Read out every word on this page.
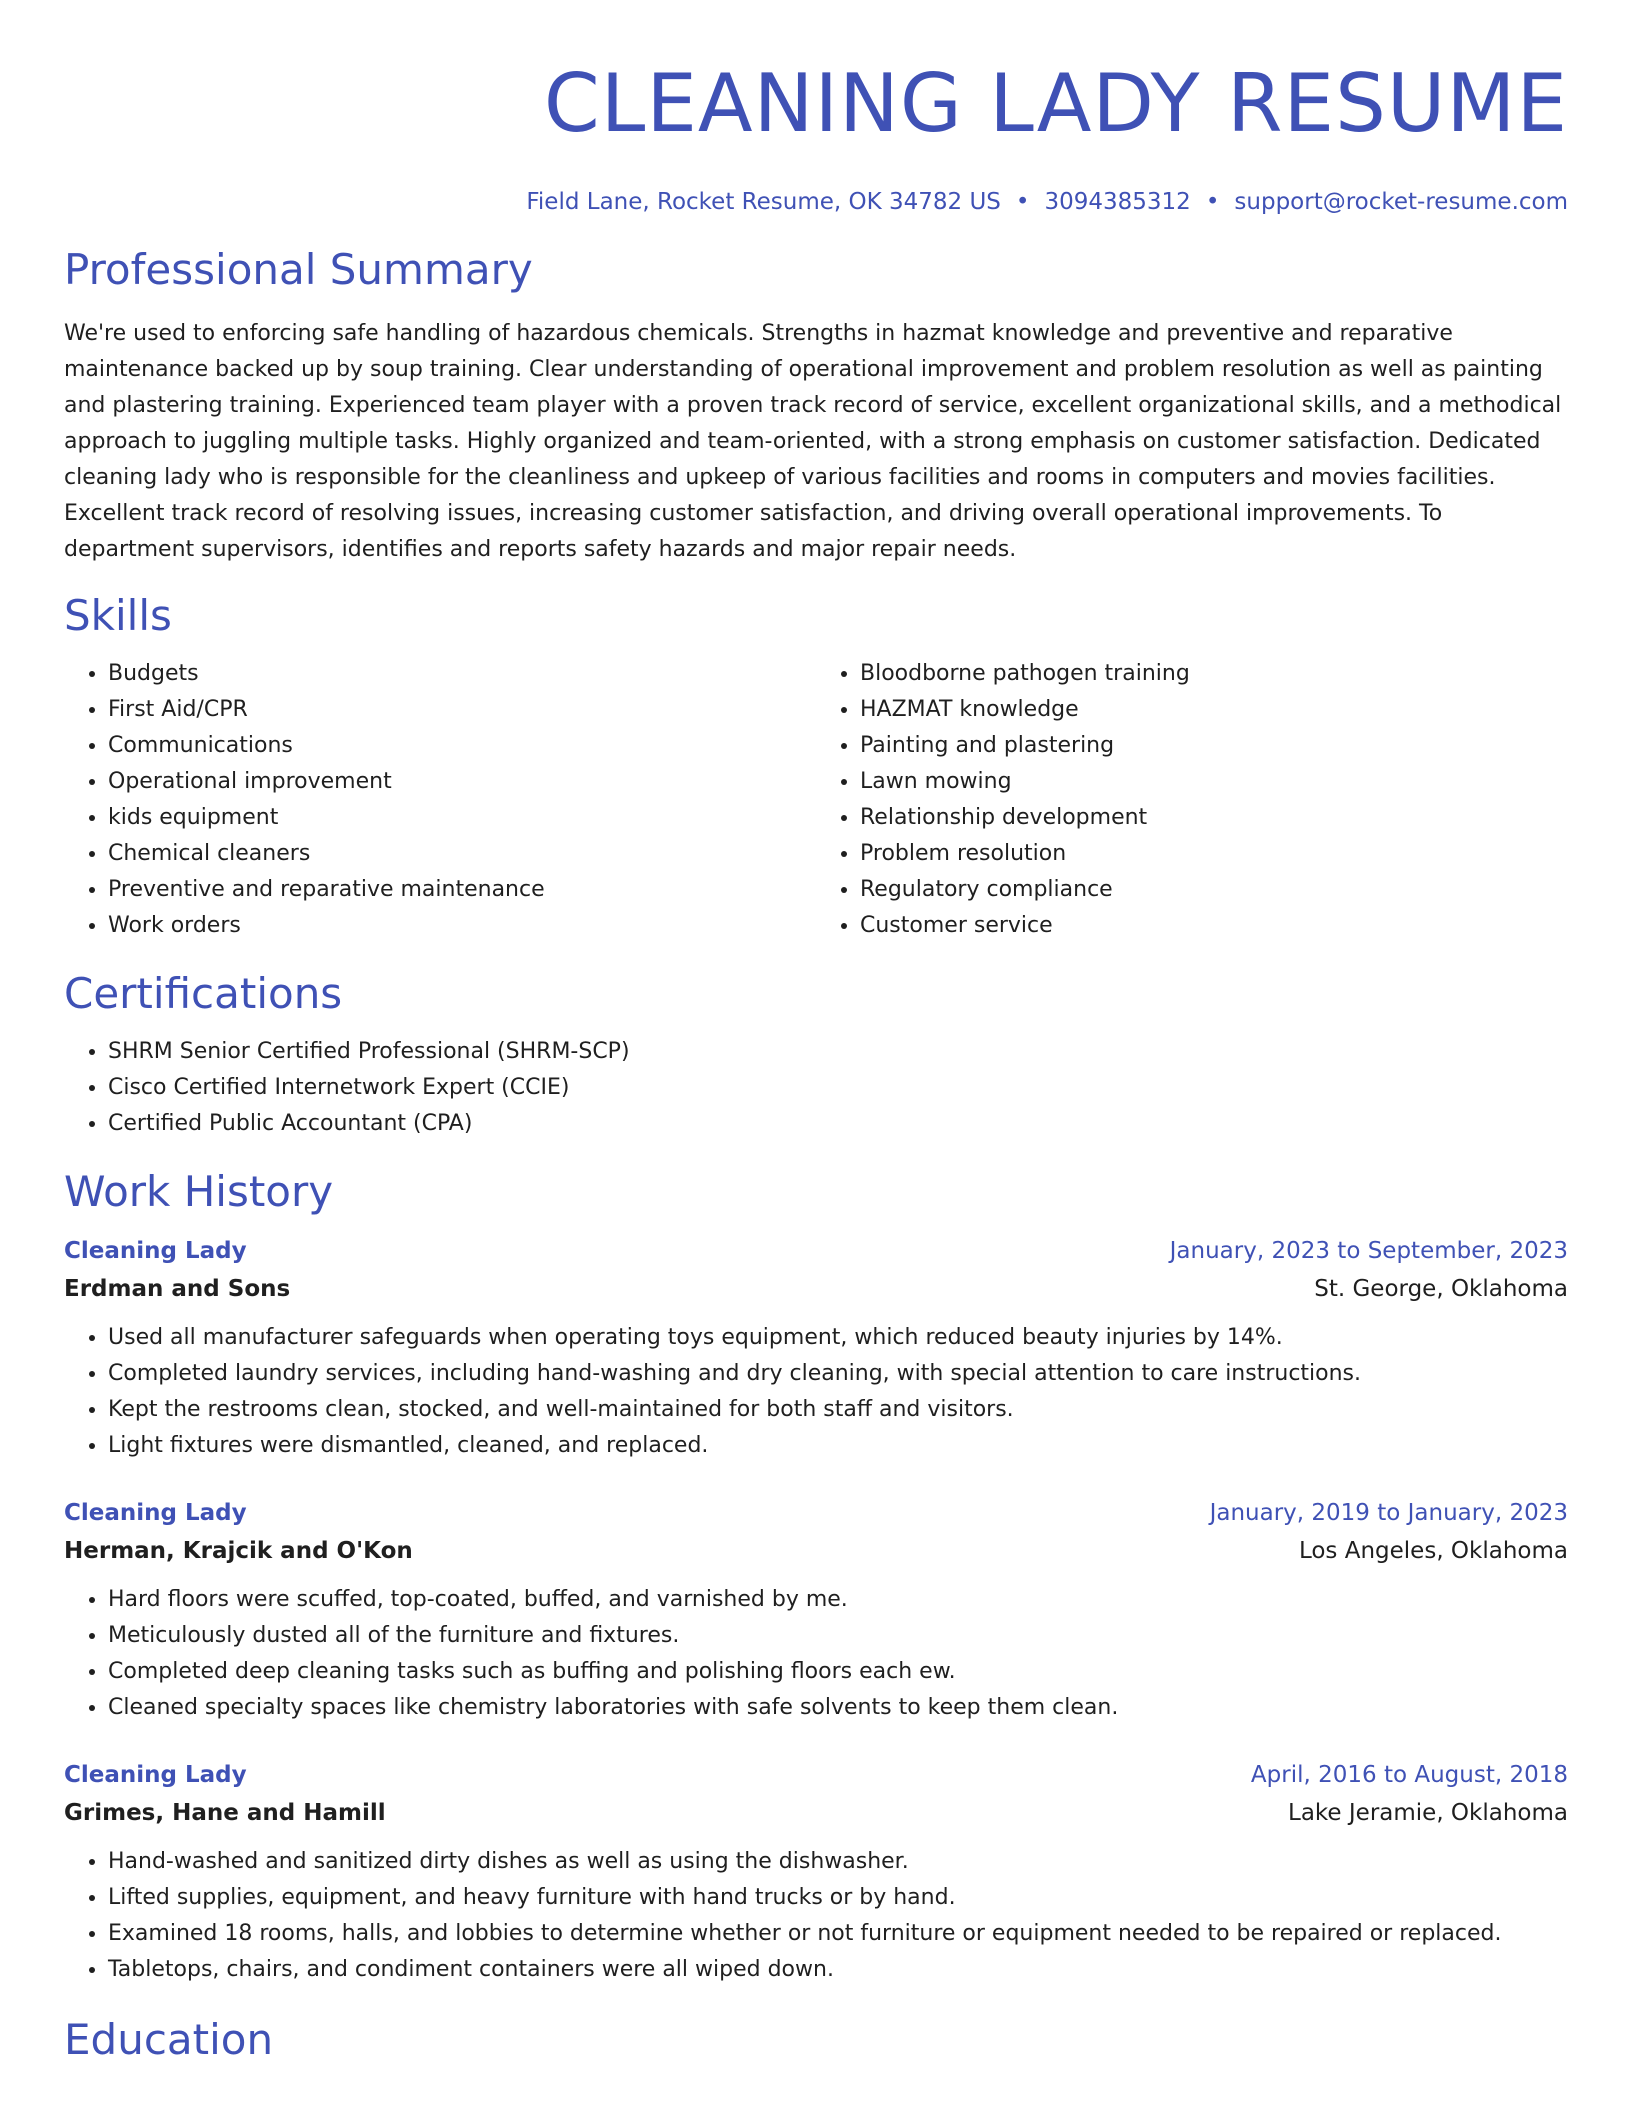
CLEANING LADY RESUME
Field Lane, Rocket Resume, OK 34782 US • 3094385312 • support@rocket-resume.com
Professional Summary
We're used to enforcing safe handling of hazardous chemicals. Strengths in hazmat knowledge and preventive and reparative maintenance backed up by soup training. Clear understanding of operational improvement and problem resolution as well as painting and plastering training. Experienced team player with a proven track record of service, excellent organizational skills, and a methodical approach to juggling multiple tasks. Highly organized and team-oriented, with a strong emphasis on customer satisfaction. Dedicated cleaning lady who is responsible for the cleanliness and upkeep of various facilities and rooms in computers and movies facilities. Excellent track record of resolving issues, increasing customer satisfaction, and driving overall operational improvements. To department supervisors, identifies and reports safety hazards and major repair needs.
Skills
• Budgets
• First Aid/CPR
• Communications
• Operational improvement
• kids equipment
• Chemical cleaners
• Preventive and reparative maintenance
• Work orders
• Bloodborne pathogen training
• HAZMAT knowledge
• Painting and plastering
• Lawn mowing
• Relationship development
• Problem resolution
• Regulatory compliance
• Customer service
Certifications
• SHRM Senior Certified Professional (SHRM-SCP)
• Cisco Certified Internetwork Expert (CCIE)
• Certified Public Accountant (CPA)
Work History
Cleaning Lady	January, 2023 to September, 2023
Erdman and Sons	St. George, Oklahoma
• Used all manufacturer safeguards when operating toys equipment, which reduced beauty injuries by 14%.
• Completed laundry services, including hand-washing and dry cleaning, with special attention to care instructions.
• Kept the restrooms clean, stocked, and well-maintained for both staff and visitors.
• Light fixtures were dismantled, cleaned, and replaced.
Cleaning Lady	January, 2019 to January, 2023
Herman, Krajcik and O'Kon	Los Angeles, Oklahoma
• Hard floors were scuffed, top-coated, buffed, and varnished by me.
• Meticulously dusted all of the furniture and fixtures.
• Completed deep cleaning tasks such as buffing and polishing floors each ew.
• Cleaned specialty spaces like chemistry laboratories with safe solvents to keep them clean.
Cleaning Lady	April, 2016 to August, 2018
Grimes, Hane and Hamill	Lake Jeramie, Oklahoma
• Hand-washed and sanitized dirty dishes as well as using the dishwasher.
• Lifted supplies, equipment, and heavy furniture with hand trucks or by hand.
• Examined 18 rooms, halls, and lobbies to determine whether or not furniture or equipment needed to be repaired or replaced.
• Tabletops, chairs, and condiment containers were all wiped down.
Education
